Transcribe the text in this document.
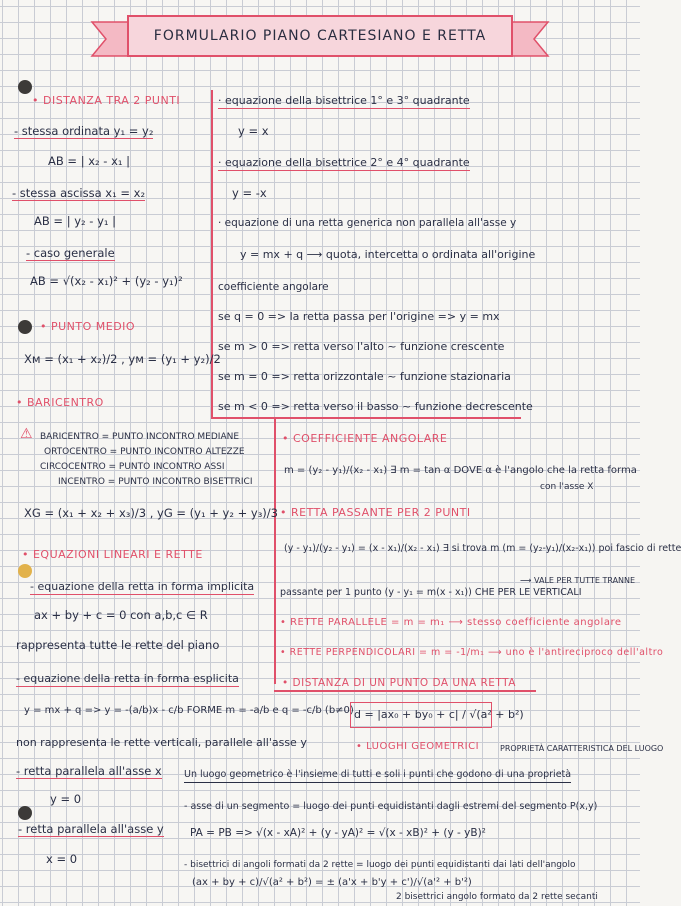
FORMULARIO PIANO CARTESIANO E RETTA
• DISTANZA TRA 2 PUNTI
- stessa ordinata y₁ = y₂
AB = | x₂ - x₁ |
- stessa ascissa x₁ = x₂
AB = | y₂ - y₁ |
- caso generale
AB = √(x₂ - x₁)² + (y₂ - y₁)²
• PUNTO MEDIO
Xм = (x₁ + x₂)/2 , yм = (y₁ + y₂)/2
• BARICENTRO
⚠ BARICENTRO = PUNTO INCONTRO MEDIANE
ORTOCENTRO = PUNTO INCONTRO ALTEZZE
CIRCOCENTRO = PUNTO INCONTRO ASSI
INCENTRO = PUNTO INCONTRO BISETTRICI
XG = (x₁ + x₂ + x₃)/3 , yG = (y₁ + y₂ + y₃)/3
• EQUAZIONI LINEARI E RETTE
- equazione della retta in forma implicita
ax + by + c = 0 con a,b,c ∈ R
rappresenta tutte le rette del piano
- equazione della retta in forma esplicita
y = mx + q => y = -(a/b)x - c/b FORME m = -a/b e q = -c/b (b≠0)
non rappresenta le rette verticali, parallele all'asse y
- retta parallela all'asse x
y = 0
- retta parallela all'asse y
x = 0
· equazione della bisettrice 1° e 3° quadrante
y = x
· equazione della bisettrice 2° e 4° quadrante
y = -x
· equazione di una retta generica non parallela all'asse y
y = mx + q ⟶ quota, intercetta o ordinata all'origine
coefficiente angolare
se q = 0 => la retta passa per l'origine => y = mx
se m > 0 => retta verso l'alto ~ funzione crescente
se m = 0 => retta orizzontale ~ funzione stazionaria
se m < 0 => retta verso il basso ~ funzione decrescente
• COEFFICIENTE ANGOLARE
m = (y₂ - y₁)/(x₂ - x₁) ∃ m = tan α DOVE α è l'angolo che la retta forma
con l'asse X
• RETTA PASSANTE PER 2 PUNTI
(y - y₁)/(y₂ - y₁) = (x - x₁)/(x₂ - x₁) ∃ si trova m (m = (y₂-y₁)/(x₂-x₁)) poi fascio di rette
⟶ VALE PER TUTTE TRANNE
passante per 1 punto (y - y₁ = m(x - x₁)) CHE PER LE VERTICALI
• RETTE PARALLELE = m = m₁ ⟶ stesso coefficiente angolare
• RETTE PERPENDICOLARI = m = -1/m₁ ⟶ uno è l'antireciproco dell'altro
• DISTANZA DI UN PUNTO DA UNA RETTA
d = |ax₀ + by₀ + c| / √(a² + b²)
• LUOGHI GEOMETRICI	PROPRIETÀ CARATTERISTICA DEL LUOGO
Un luogo geometrico è l'insieme di tutti e soli i punti che godono di una proprietà
- asse di un segmento = luogo dei punti equidistanti dagli estremi del segmento P(x,y)
PA = PB => √(x - xA)² + (y - yA)² = √(x - xB)² + (y - yB)²
- bisettrici di angoli formati da 2 rette = luogo dei punti equidistanti dai lati dell'angolo
(ax + by + c)/√(a² + b²) = ± (a'x + b'y + c')/√(a'² + b'²)
2 bisettrici angolo formato da 2 rette secanti
